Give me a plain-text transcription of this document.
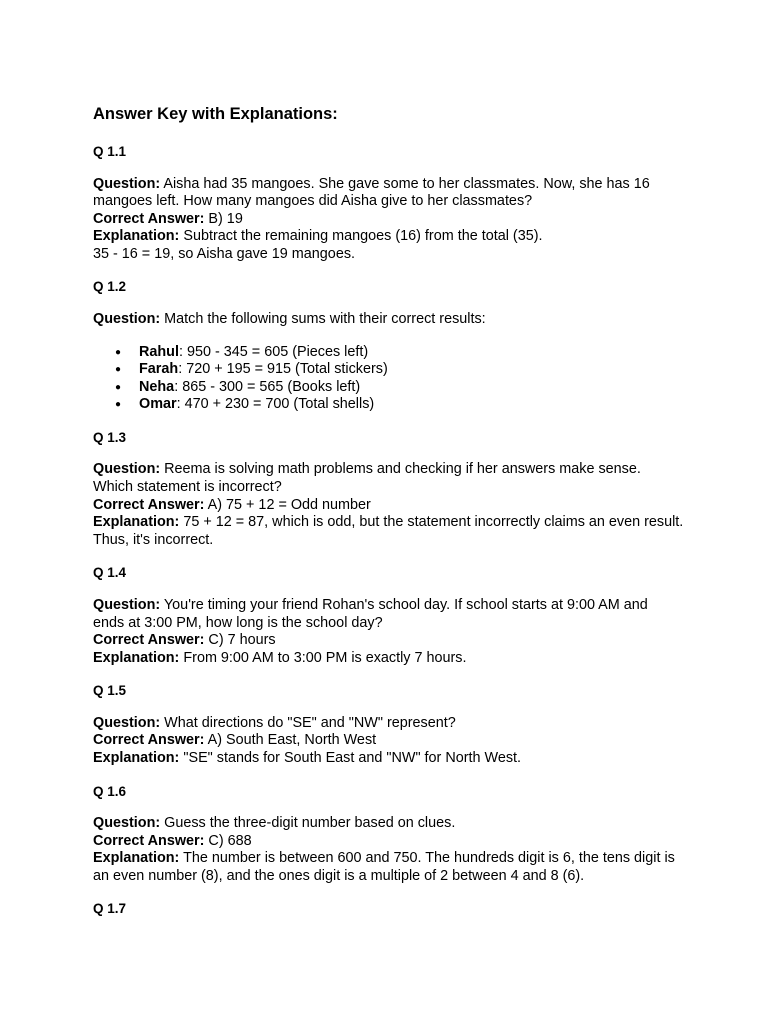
Answer Key with Explanations:
Q 1.1
Question: Aisha had 35 mangoes. She gave some to her classmates. Now, she has 16
mangoes left. How many mangoes did Aisha give to her classmates?
Correct Answer: B) 19
Explanation: Subtract the remaining mangoes (16) from the total (35).
35 - 16 = 19, so Aisha gave 19 mangoes.
Q 1.2
Question: Match the following sums with their correct results:
● Rahul: 950 - 345 = 605 (Pieces left)
● Farah: 720 + 195 = 915 (Total stickers)
● Neha: 865 - 300 = 565 (Books left)
● Omar: 470 + 230 = 700 (Total shells)
Q 1.3
Question: Reema is solving math problems and checking if her answers make sense.
Which statement is incorrect?
Correct Answer: A) 75 + 12 = Odd number
Explanation: 75 + 12 = 87, which is odd, but the statement incorrectly claims an even result.
Thus, it's incorrect.
Q 1.4
Question: You're timing your friend Rohan's school day. If school starts at 9:00 AM and
ends at 3:00 PM, how long is the school day?
Correct Answer: C) 7 hours
Explanation: From 9:00 AM to 3:00 PM is exactly 7 hours.
Q 1.5
Question: What directions do "SE" and "NW" represent?
Correct Answer: A) South East, North West
Explanation: "SE" stands for South East and "NW" for North West.
Q 1.6
Question: Guess the three-digit number based on clues.
Correct Answer: C) 688
Explanation: The number is between 600 and 750. The hundreds digit is 6, the tens digit is
an even number (8), and the ones digit is a multiple of 2 between 4 and 8 (6).
Q 1.7
